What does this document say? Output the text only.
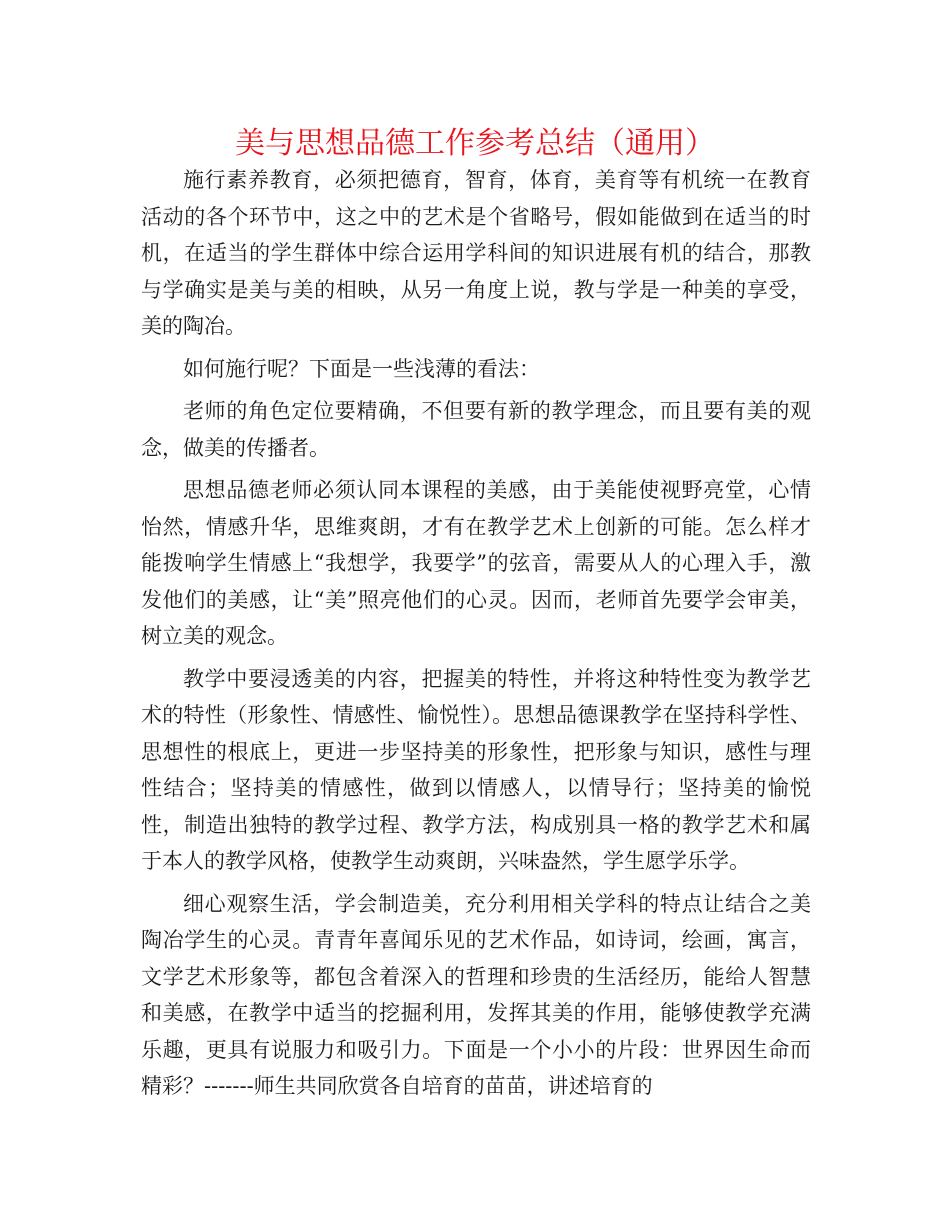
美与思想品德工作参考总结（通用）

施行素养教育，必须把德育，智育，体育，美育等有机统一在教育活动的各个环节中，这之中的艺术是个省略号，假如能做到在适当的时机，在适当的学生群体中综合运用学科间的知识进展有机的结合，那教与学确实是美与美的相映，从另一角度上说，教与学是一种美的享受，美的陶冶。

如何施行呢？下面是一些浅薄的看法：

老师的角色定位要精确，不但要有新的教学理念，而且要有美的观念，做美的传播者。

思想品德老师必须认同本课程的美感，由于美能使视野亮堂，心情怡然，情感升华，思维爽朗，才有在教学艺术上创新的可能。怎么样才能拨响学生情感上“我想学，我要学”的弦音，需要从人的心理入手，激发他们的美感，让“美”照亮他们的心灵。因而，老师首先要学会审美，树立美的观念。

教学中要浸透美的内容，把握美的特性，并将这种特性变为教学艺术的特性（形象性、情感性、愉悦性）。思想品德课教学在坚持科学性、思想性的根底上，更进一步坚持美的形象性，把形象与知识，感性与理性结合；坚持美的情感性，做到以情感人，以情导行；坚持美的愉悦性，制造出独特的教学过程、教学方法，构成别具一格的教学艺术和属于本人的教学风格，使教学生动爽朗，兴味盎然，学生愿学乐学。

细心观察生活，学会制造美，充分利用相关学科的特点让结合之美陶冶学生的心灵。青青年喜闻乐见的艺术作品，如诗词，绘画，寓言，文学艺术形象等，都包含着深入的哲理和珍贵的生活经历，能给人智慧和美感，在教学中适当的挖掘利用，发挥其美的作用，能够使教学充满乐趣，更具有说服力和吸引力。下面是一个小小的片段：世界因生命而精彩？-------师生共同欣赏各自培育的苗苗，讲述培育的
